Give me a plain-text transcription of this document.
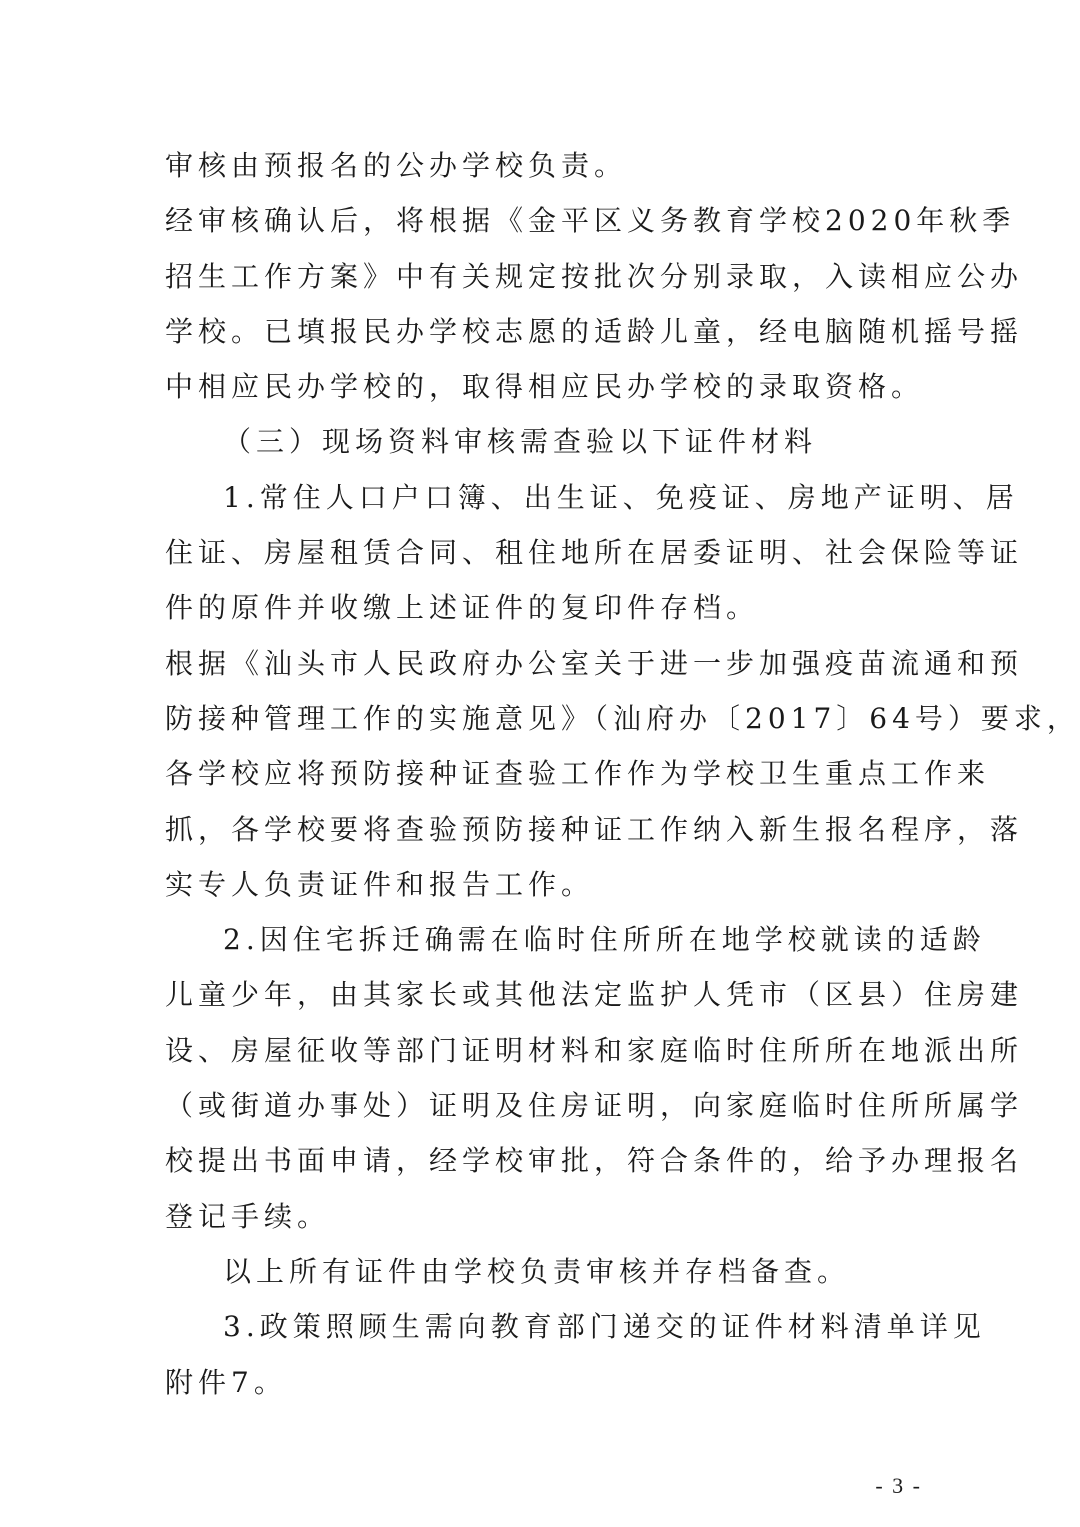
审核由预报名的公办学校负责。
经审核确认后，将根据《金平区义务教育学校2020年秋季
招生工作方案》中有关规定按批次分别录取，入读相应公办
学校。已填报民办学校志愿的适龄儿童，经电脑随机摇号摇
中相应民办学校的，取得相应民办学校的录取资格。
（三）现场资料审核需查验以下证件材料
1.常住人口户口簿、出生证、免疫证、房地产证明、居
住证、房屋租赁合同、租住地所在居委证明、社会保险等证
件的原件并收缴上述证件的复印件存档。
根据《汕头市人民政府办公室关于进一步加强疫苗流通和预
防接种管理工作的实施意见》（汕府办〔2017〕64号）要求，
各学校应将预防接种证查验工作作为学校卫生重点工作来
抓，各学校要将查验预防接种证工作纳入新生报名程序，落
实专人负责证件和报告工作。
2.因住宅拆迁确需在临时住所所在地学校就读的适龄
儿童少年，由其家长或其他法定监护人凭市（区县）住房建
设、房屋征收等部门证明材料和家庭临时住所所在地派出所
（或街道办事处）证明及住房证明，向家庭临时住所所属学
校提出书面申请，经学校审批，符合条件的，给予办理报名
登记手续。
以上所有证件由学校负责审核并存档备查。
3.政策照顾生需向教育部门递交的证件材料清单详见
附件7。
- 3 -
